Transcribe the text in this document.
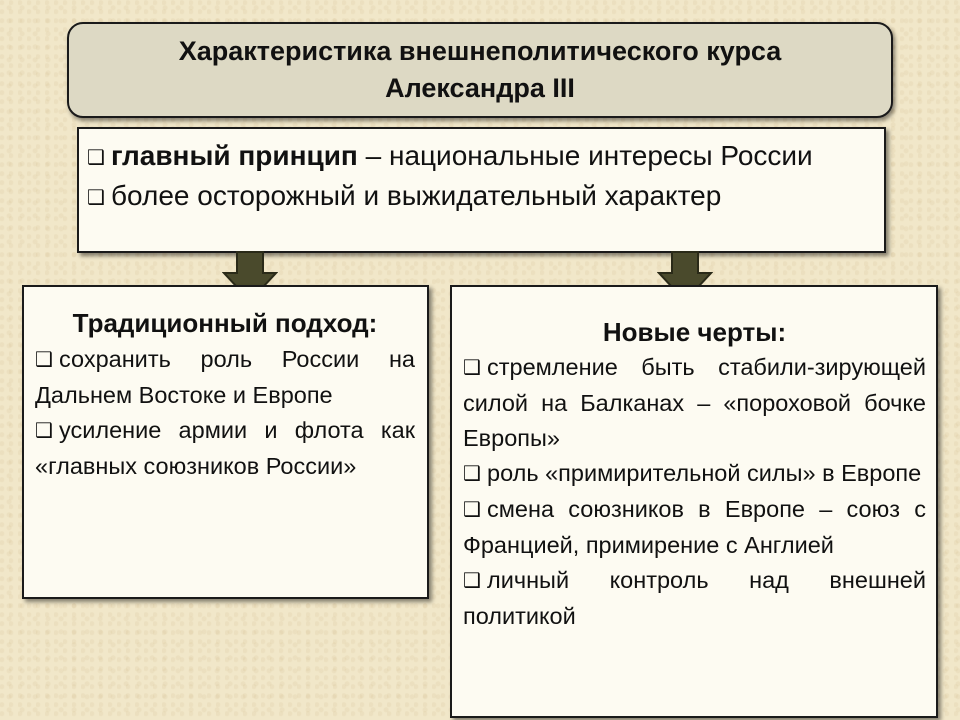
Характеристика внешнеполитического курса
Александра III
❑ главный принцип – национальные интересы России
❑ более осторожный и выжидательный характер
Традиционный подход:
❑ сохранить роль России на Дальнем Востоке и Европе
❑ усиление армии и флота как «главных союзников России»
Новые черты:
❑ стремление быть стабили-зирующей силой на Балканах – «пороховой бочке Европы»
❑ роль «примирительной силы» в Европе
❑ смена союзников в Европе – союз с Францией, примирение с Англией
❑ личный контроль над внешней политикой
